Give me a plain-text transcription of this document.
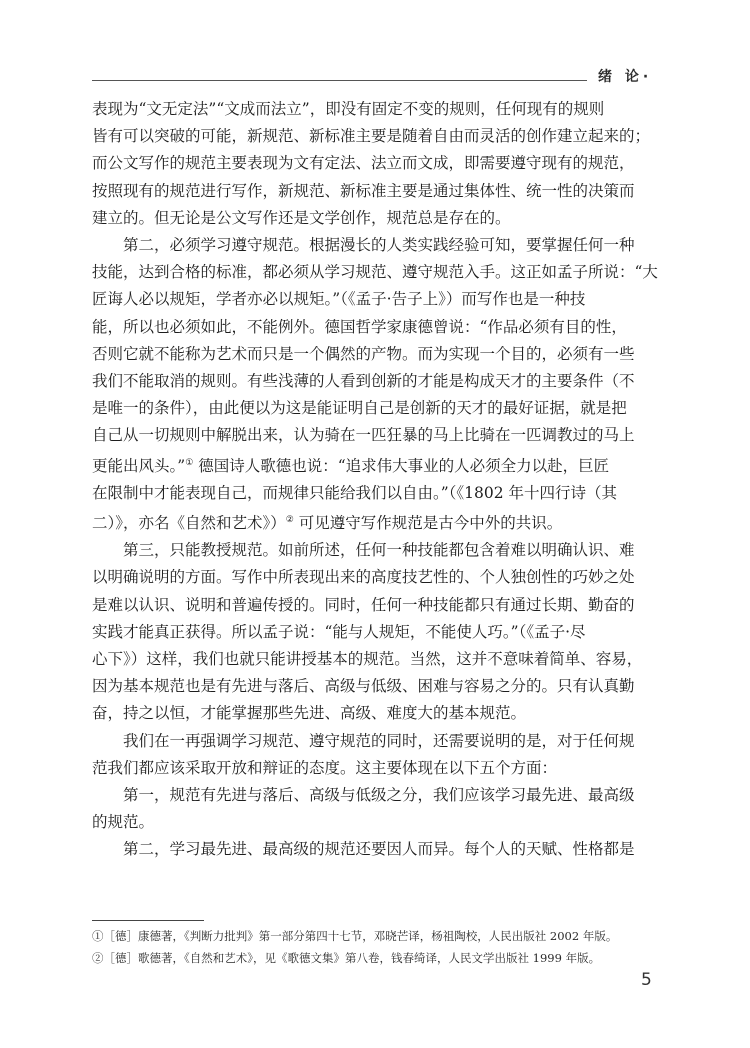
绪 论·
表现为“文无定法”“文成而法立”，即没有固定不变的规则，任何现有的规则
皆有可以突破的可能，新规范、新标准主要是随着自由而灵活的创作建立起来的；
而公文写作的规范主要表现为文有定法、法立而文成，即需要遵守现有的规范，
按照现有的规范进行写作，新规范、新标准主要是通过集体性、统一性的决策而
建立的。但无论是公文写作还是文学创作，规范总是存在的。
第二，必须学习遵守规范。根据漫长的人类实践经验可知，要掌握任何一种
技能，达到合格的标准，都必须从学习规范、遵守规范入手。这正如孟子所说：“大
匠诲人必以规矩，学者亦必以规矩。”（《孟子·告子上》）而写作也是一种技
能，所以也必须如此，不能例外。德国哲学家康德曾说：“作品必须有目的性，
否则它就不能称为艺术而只是一个偶然的产物。而为实现一个目的，必须有一些
我们不能取消的规则。有些浅薄的人看到创新的才能是构成天才的主要条件（不
是唯一的条件），由此便以为这是能证明自己是创新的天才的最好证据，就是把
自己从一切规则中解脱出来，认为骑在一匹狂暴的马上比骑在一匹调教过的马上
更能出风头。”① 德国诗人歌德也说：“追求伟大事业的人必须全力以赴，巨匠
在限制中才能表现自己，而规律只能给我们以自由。”（《1802 年十四行诗（其
二）》，亦名《自然和艺术》）② 可见遵守写作规范是古今中外的共识。
第三，只能教授规范。如前所述，任何一种技能都包含着难以明确认识、难
以明确说明的方面。写作中所表现出来的高度技艺性的、个人独创性的巧妙之处
是难以认识、说明和普遍传授的。同时，任何一种技能都只有通过长期、勤奋的
实践才能真正获得。所以孟子说：“能与人规矩，不能使人巧。”（《孟子·尽
心下》）这样，我们也就只能讲授基本的规范。当然，这并不意味着简单、容易，
因为基本规范也是有先进与落后、高级与低级、困难与容易之分的。只有认真勤
奋，持之以恒，才能掌握那些先进、高级、难度大的基本规范。
我们在一再强调学习规范、遵守规范的同时，还需要说明的是，对于任何规
范我们都应该采取开放和辩证的态度。这主要体现在以下五个方面：
第一，规范有先进与落后、高级与低级之分，我们应该学习最先进、最高级
的规范。
第二，学习最先进、最高级的规范还要因人而异。每个人的天赋、性格都是
①［德］康德著，《判断力批判》第一部分第四十七节，邓晓芒译，杨祖陶校，人民出版社 2002 年版。
②［德］歌德著，《自然和艺术》，见《歌德文集》第八卷，钱春绮译，人民文学出版社 1999 年版。
5
